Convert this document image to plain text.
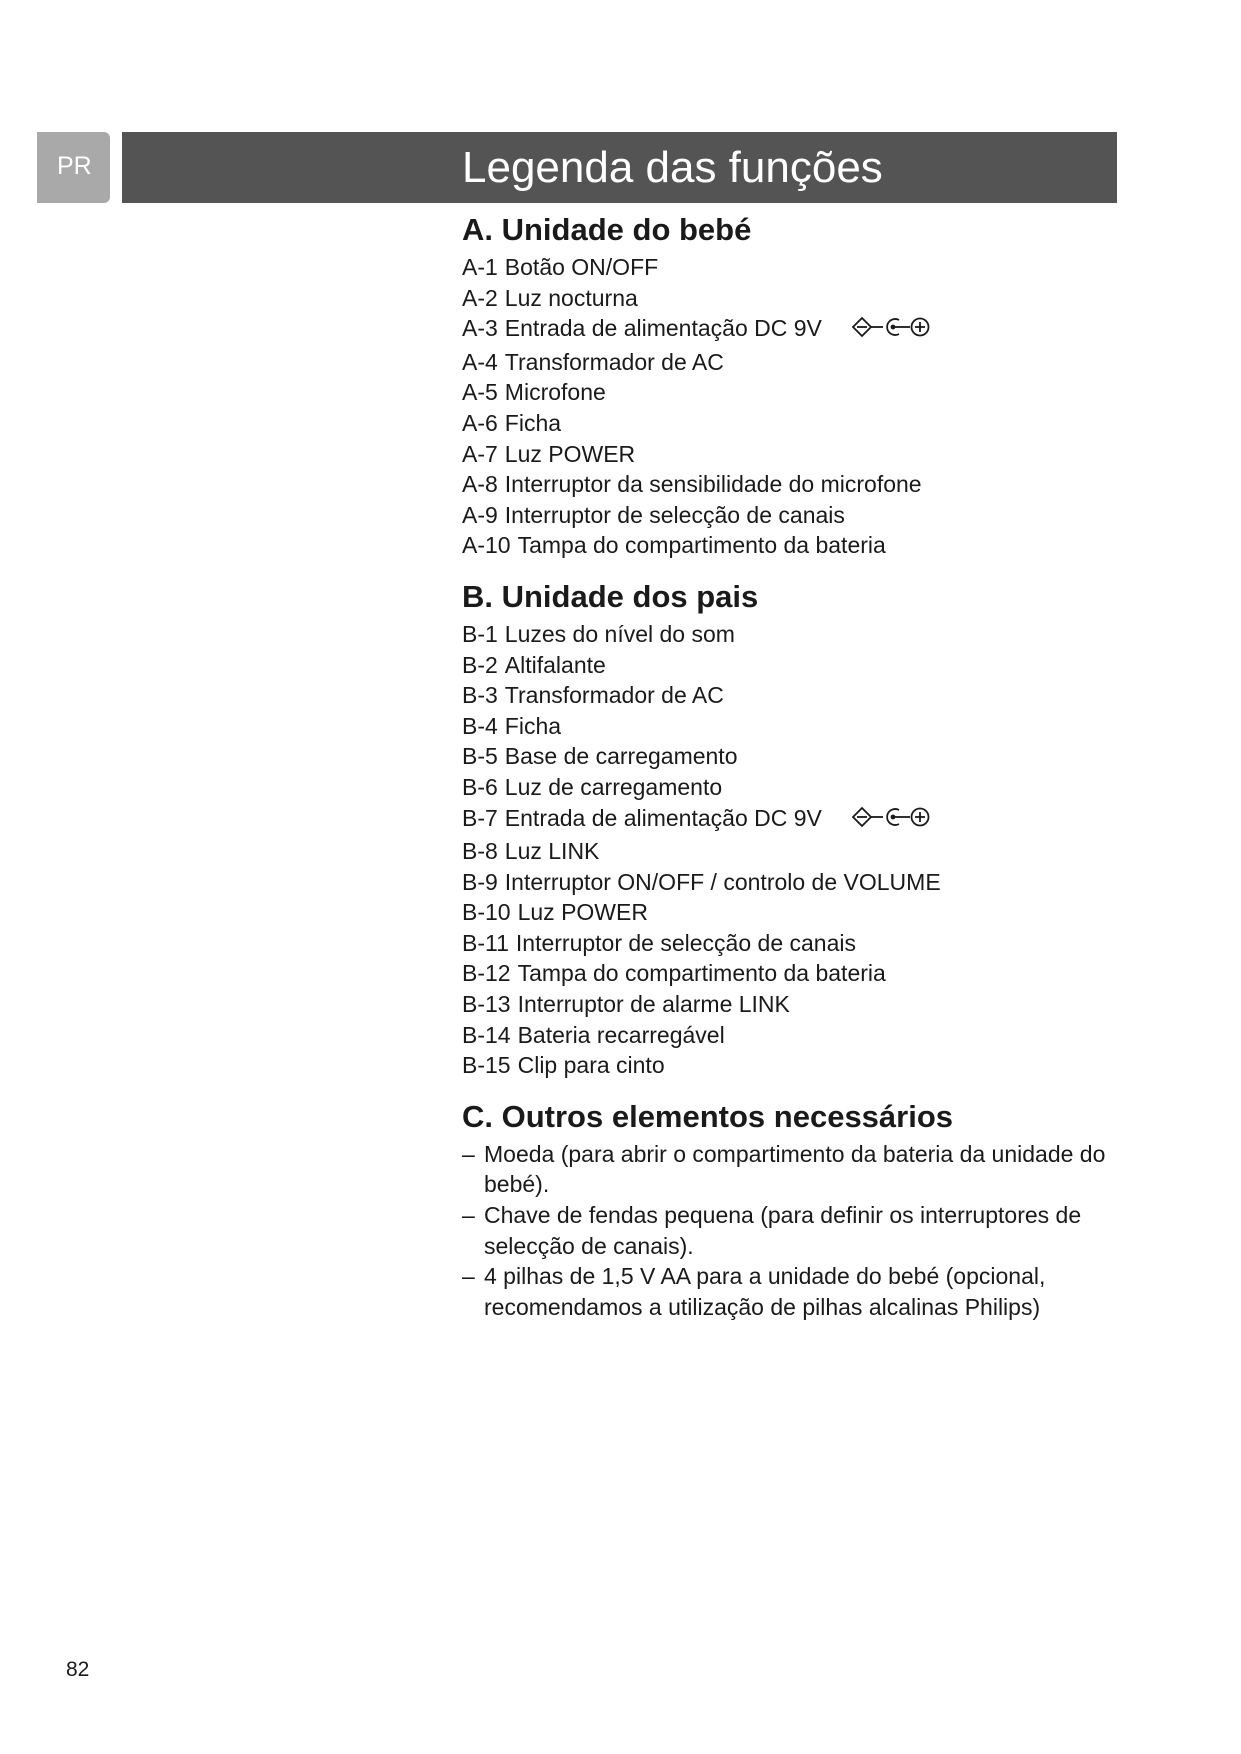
PR	Legenda das funções
A. Unidade do bebé
A-1 Botão ON/OFF
A-2 Luz nocturna
A-3 Entrada de alimentação DC 9V
A-4 Transformador de AC
A-5 Microfone
A-6 Ficha
A-7 Luz POWER
A-8 Interruptor da sensibilidade do microfone
A-9 Interruptor de selecção de canais
A-10 Tampa do compartimento da bateria
B. Unidade dos pais
B-1 Luzes do nível do som
B-2 Altifalante
B-3 Transformador de AC
B-4 Ficha
B-5 Base de carregamento
B-6 Luz de carregamento
B-7 Entrada de alimentação DC 9V
B-8 Luz LINK
B-9 Interruptor ON/OFF / controlo de VOLUME
B-10 Luz POWER
B-11 Interruptor de selecção de canais
B-12 Tampa do compartimento da bateria
B-13 Interruptor de alarme LINK
B-14 Bateria recarregável
B-15 Clip para cinto
C. Outros elementos necessários
– Moeda (para abrir o compartimento da bateria da unidade do bebé).
– Chave de fendas pequena (para definir os interruptores de selecção de canais).
– 4 pilhas de 1,5 V AA para a unidade do bebé (opcional, recomendamos a utilização de pilhas alcalinas Philips)
82
